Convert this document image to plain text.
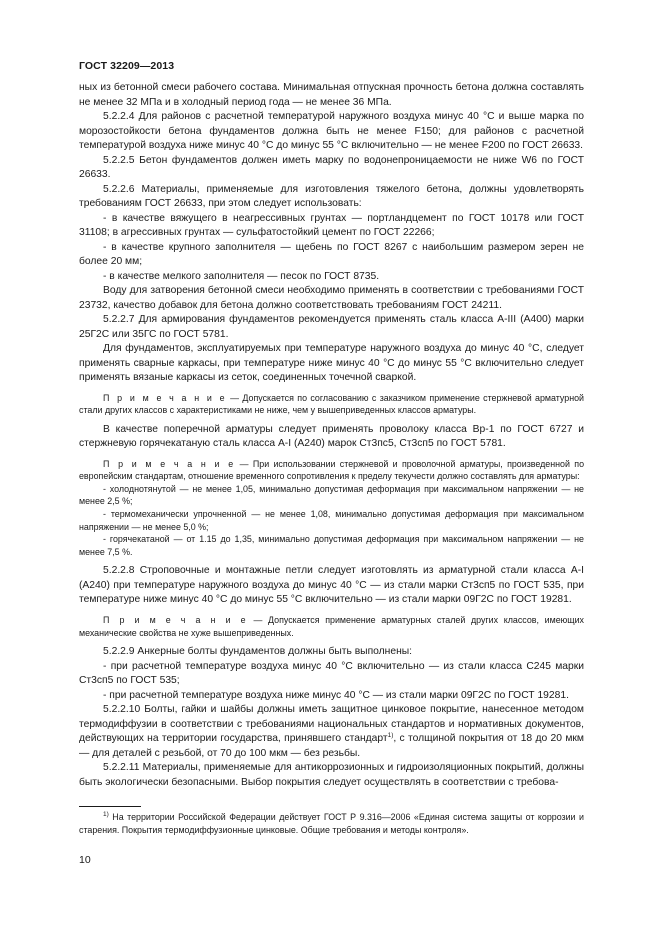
ГОСТ 32209—2013

ных из бетонной смеси рабочего состава. Минимальная отпускная прочность бетона должна составлять не менее 32 МПа и в холодный период года — не менее 36 МПа.

5.2.2.4 Для районов с расчетной температурой наружного воздуха минус 40 °С и выше марка по морозостойкости бетона фундаментов должна быть не менее F150; для районов с расчетной температурой воздуха ниже минус 40 °С до минус 55 °С включительно — не менее F200 по ГОСТ 26633.

5.2.2.5 Бетон фундаментов должен иметь марку по водонепроницаемости не ниже W6 по ГОСТ 26633.

5.2.2.6 Материалы, применяемые для изготовления тяжелого бетона, должны удовлетворять требованиям ГОСТ 26633, при этом следует использовать:

- в качестве вяжущего в неагрессивных грунтах — портландцемент по ГОСТ 10178 или ГОСТ 31108; в агрессивных грунтах — сульфатостойкий цемент по ГОСТ 22266;

- в качестве крупного заполнителя — щебень по ГОСТ 8267 с наибольшим размером зерен не более 20 мм;

- в качестве мелкого заполнителя — песок по ГОСТ 8735.

Воду для затворения бетонной смеси необходимо применять в соответствии с требованиями ГОСТ 23732, качество добавок для бетона должно соответствовать требованиям ГОСТ 24211.

5.2.2.7 Для армирования фундаментов рекомендуется применять сталь класса A-III (A400) марки 25Г2С или 35ГС по ГОСТ 5781.

Для фундаментов, эксплуатируемых при температуре наружного воздуха до минус 40 °С, следует применять сварные каркасы, при температуре ниже минус 40 °С до минус 55 °С включительно следует применять вязаные каркасы из сеток, соединенных точечной сваркой.

П р и м е ч а н и е — Допускается по согласованию с заказчиком применение стержневой арматурной стали других классов с характеристиками не ниже, чем у вышеприведенных классов арматуры.

В качестве поперечной арматуры следует применять проволоку класса Вр-1 по ГОСТ 6727 и стержневую горячекатаную сталь класса A-I (A240) марок Ст3пс5, Ст3сп5 по ГОСТ 5781.

П р и м е ч а н и е — При использовании стержневой и проволочной арматуры, произведенной по европейским стандартам, отношение временного сопротивления к пределу текучести должно составлять для арматуры:

- холоднотянутой — не менее 1,05, минимально допустимая деформация при максимальном напряжении — не менее 2,5 %;

- термомеханически упрочненной — не менее 1,08, минимально допустимая деформация при максимальном напряжении — не менее 5,0 %;

- горячекатаной — от 1.15 до 1,35, минимально допустимая деформация при максимальном напряжении — не менее 7,5 %.

5.2.2.8 Строповочные и монтажные петли следует изготовлять из арматурной стали класса A-I (A240) при температуре наружного воздуха до минус 40 °С — из стали марки Ст3сп5 по ГОСТ 535, при температуре ниже минус 40 °С до минус 55 °С включительно — из стали марки 09Г2С по ГОСТ 19281.

П р и м е ч а н и е — Допускается применение арматурных сталей других классов, имеющих механические свойства не хуже вышеприведенных.

5.2.2.9 Анкерные болты фундаментов должны быть выполнены:

- при расчетной температуре воздуха минус 40 °С включительно — из стали класса С245 марки Ст3сп5 по ГОСТ 535;

- при расчетной температуре воздуха ниже минус 40 °С — из стали марки 09Г2С по ГОСТ 19281.

5.2.2.10 Болты, гайки и шайбы должны иметь защитное цинковое покрытие, нанесенное методом термодиффузии в соответствии с требованиями национальных стандартов и нормативных документов, действующих на территории государства, принявшего стандарт$^{1)}$, с толщиной покрытия от 18 до 20 мкм — для деталей с резьбой, от 70 до 100 мкм — без резьбы.

5.2.2.11 Материалы, применяемые для антикоррозионных и гидроизоляционных покрытий, должны быть экологически безопасными. Выбор покрытия следует осуществлять в соответствии с требова-

$^{1)}$ На территории Российской Федерации действует ГОСТ Р 9.316—2006 «Единая система защиты от коррозии и старения. Покрытия термодиффузионные цинковые. Общие требования и методы контроля».

10
